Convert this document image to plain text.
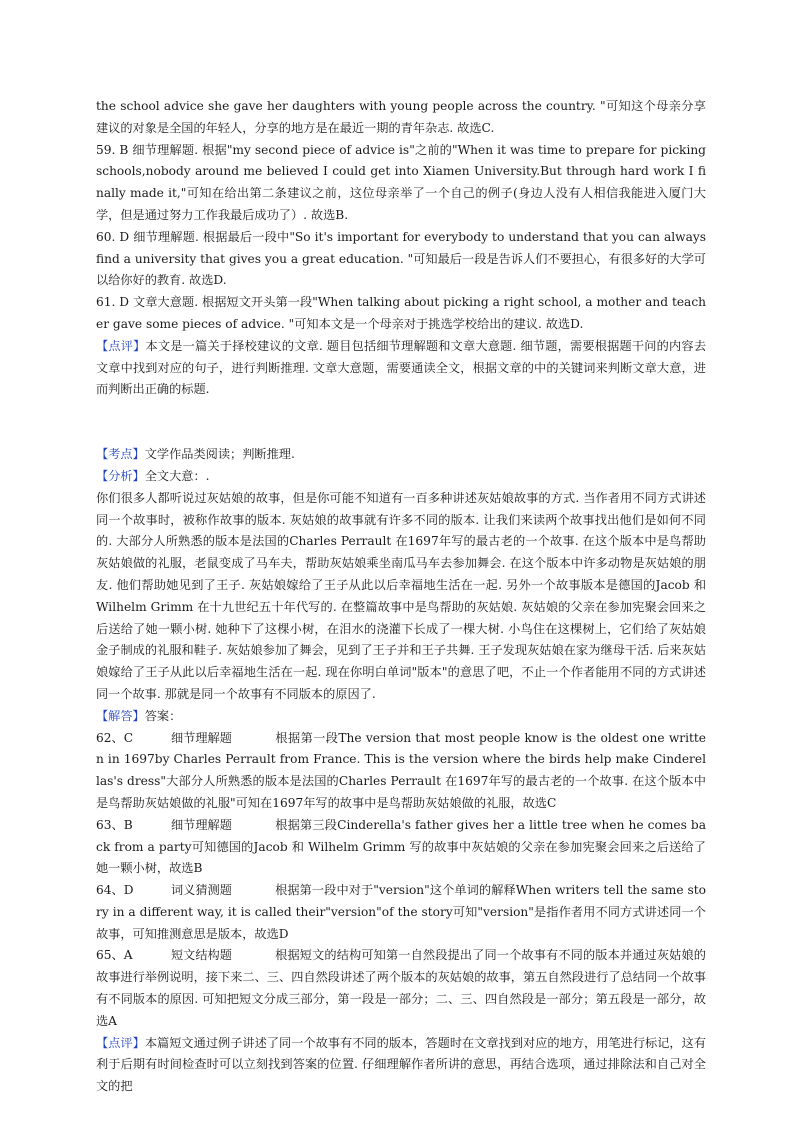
the school advice she gave her daughters with young people across the country. "可知这个母亲分享建议的对象是全国的年轻人，分享的地方是在最近一期的青年杂志. 故选C.

59. B 细节理解题. 根据"my second piece of advice is"之前的"When it was time to prepare for picking schools,nobody around me believed I could get into Xiamen University.But through hard work I finally made it,"可知在给出第二条建议之前，这位母亲举了一个自己的例子(身边人没有人相信我能进入厦门大学，但是通过努力工作我最后成功了）. 故选B.

60. D 细节理解题. 根据最后一段中"So it's important for everybody to understand that you can always find a university that gives you a great education. "可知最后一段是告诉人们不要担心，有很多好的大学可以给你好的教育. 故选D.

61. D 文章大意题. 根据短文开头第一段"When talking about picking a right school, a mother and teacher gave some pieces of advice. "可知本文是一个母亲对于挑选学校给出的建议. 故选D.

【点评】本文是一篇关于择校建议的文章. 题目包括细节理解题和文章大意题. 细节题，需要根据题干问的内容去文章中找到对应的句子，进行判断推理. 文章大意题，需要通读全文，根据文章的中的关键词来判断文章大意，进而判断出正确的标题.

【考点】文学作品类阅读；判断推理.

【分析】全文大意：.

你们很多人都听说过灰姑娘的故事，但是你可能不知道有一百多种讲述灰姑娘故事的方式. 当作者用不同方式讲述同一个故事时，被称作故事的版本. 灰姑娘的故事就有许多不同的版本. 让我们来读两个故事找出他们是如何不同的. 大部分人所熟悉的版本是法国的Charles Perrault 在1697年写的最古老的一个故事. 在这个版本中是鸟帮助灰姑娘做的礼服，老鼠变成了马车夫，帮助灰姑娘乘坐南瓜马车去参加舞会. 在这个版本中许多动物是灰姑娘的朋友. 他们帮助她见到了王子. 灰姑娘嫁给了王子从此以后幸福地生活在一起. 另外一个故事版本是德国的Jacob 和 Wilhelm Grimm 在十九世纪五十年代写的. 在整篇故事中是鸟帮助的灰姑娘. 灰姑娘的父亲在参加宪聚会回来之后送给了她一颗小树. 她种下了这棵小树，在泪水的浇灌下长成了一棵大树. 小鸟住在这棵树上，它们给了灰姑娘金子制成的礼服和鞋子. 灰姑娘参加了舞会，见到了王子并和王子共舞. 王子发现灰姑娘在家为继母干活. 后来灰姑娘嫁给了王子从此以后幸福地生活在一起. 现在你明白单词"版本"的意思了吧，不止一个作者能用不同的方式讲述同一个故事. 那就是同一个故事有不同版本的原因了.

【解答】答案：

62、C	细节理解题	根据第一段The version that most people know is the oldest one written in 1697by Charles Perrault from France. This is the version where the birds help make Cinderellas's dress"大部分人所熟悉的版本是法国的Charles Perrault 在1697年写的最古老的一个故事. 在这个版本中是鸟帮助灰姑娘做的礼服"可知在1697年写的故事中是鸟帮助灰姑娘做的礼服，故选C

63、B	细节理解题	根据第三段Cinderella's father gives her a little tree when he comes back from a party可知德国的Jacob 和 Wilhelm Grimm 写的故事中灰姑娘的父亲在参加宪聚会回来之后送给了她一颗小树，故选B

64、D	词义猜测题	根据第一段中对于"version"这个单词的解释When writers tell the same story in a different way, it is called their"version"of the story可知"version"是指作者用不同方式讲述同一个故事，可知推测意思是版本，故选D

65、A	短文结构题	根据短文的结构可知第一自然段提出了同一个故事有不同的版本并通过灰姑娘的故事进行举例说明，接下来二、三、四自然段讲述了两个版本的灰姑娘的故事，第五自然段进行了总结同一个故事有不同版本的原因. 可知把短文分成三部分，第一段是一部分；二、三、四自然段是一部分；第五段是一部分，故选A

【点评】本篇短文通过例子讲述了同一个故事有不同的版本，答题时在文章找到对应的地方，用笔进行标记，这有利于后期有时间检查时可以立刻找到答案的位置. 仔细理解作者所讲的意思，再结合选项，通过排除法和自己对全文的把
